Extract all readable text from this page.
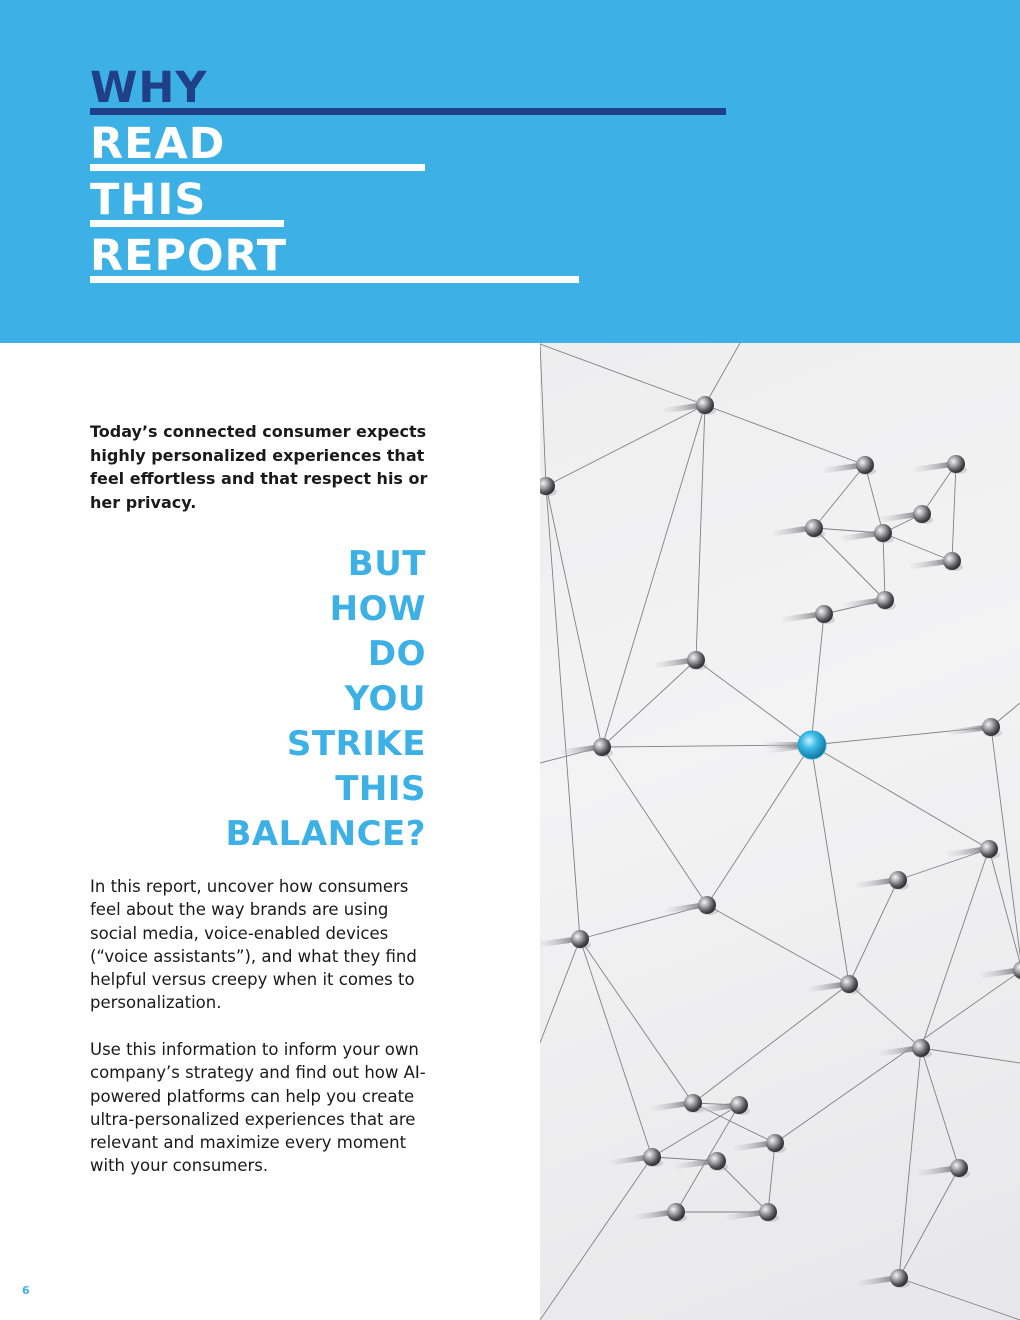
WHY
READ
THIS
REPORT

Today’s connected consumer expects highly personalized experiences that feel effortless and that respect his or her privacy.

BUT
HOW
DO
YOU
STRIKE
THIS
BALANCE?

In this report, uncover how consumers feel about the way brands are using social media, voice-enabled devices (“voice assistants”), and what they find helpful versus creepy when it comes to personalization.

Use this information to inform your own company’s strategy and find out how AI-powered platforms can help you create ultra-personalized experiences that are relevant and maximize every moment with your consumers.

6
